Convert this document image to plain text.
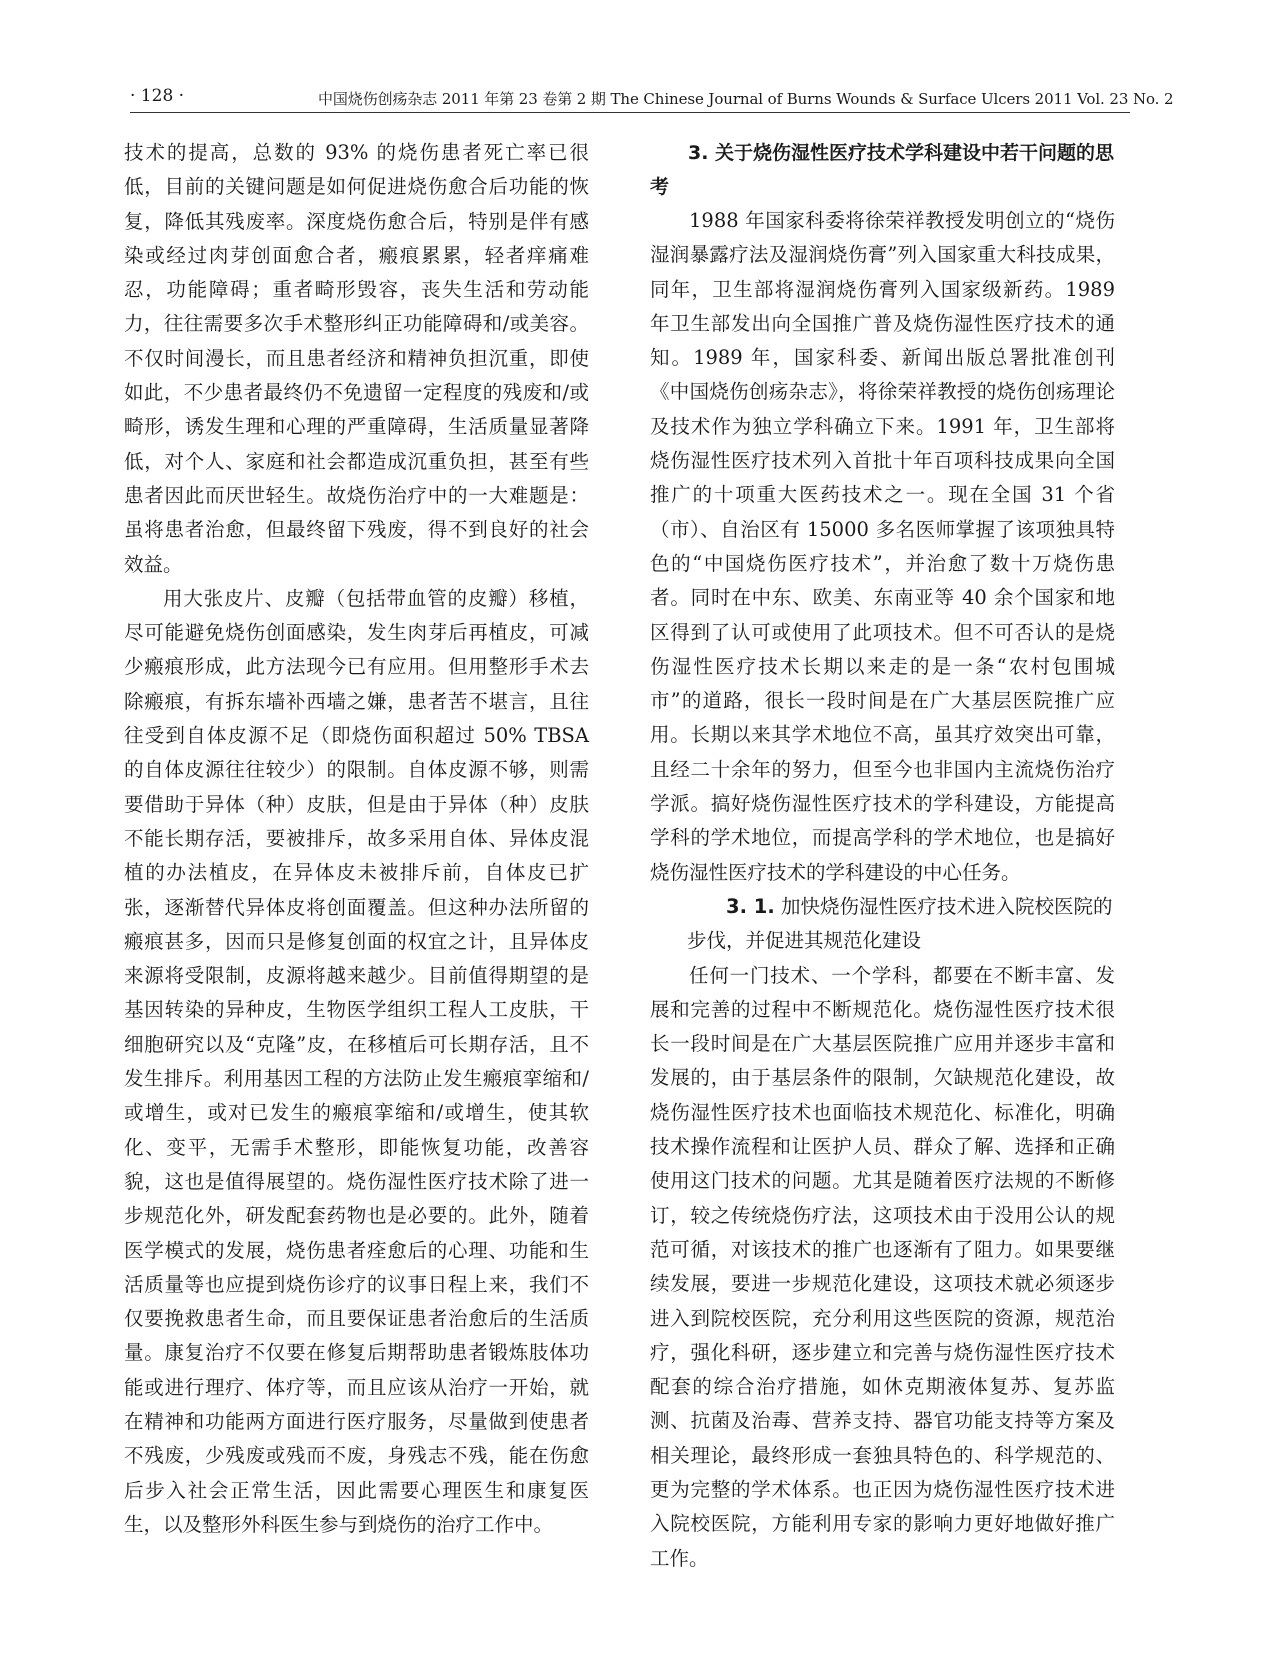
· 128 ·	中国烧伤创疡杂志 2011 年第 23 卷第 2 期 The Chinese Journal of Burns Wounds & Surface Ulcers 2011 Vol. 23 No. 2

技术的提高，总数的 93% 的烧伤患者死亡率已很低，目前的关键问题是如何促进烧伤愈合后功能的恢复，降低其残废率。深度烧伤愈合后，特别是伴有感染或经过肉芽创面愈合者，瘢痕累累，轻者痒痛难忍，功能障碍；重者畸形毁容，丧失生活和劳动能力，往往需要多次手术整形纠正功能障碍和/或美容。不仅时间漫长，而且患者经济和精神负担沉重，即使如此，不少患者最终仍不免遗留一定程度的残废和/或畸形，诱发生理和心理的严重障碍，生活质量显著降低，对个人、家庭和社会都造成沉重负担，甚至有些患者因此而厌世轻生。故烧伤治疗中的一大难题是：虽将患者治愈，但最终留下残废，得不到良好的社会效益。

用大张皮片、皮瓣（包括带血管的皮瓣）移植，尽可能避免烧伤创面感染，发生肉芽后再植皮，可减少瘢痕形成，此方法现今已有应用。但用整形手术去除瘢痕，有拆东墙补西墙之嫌，患者苦不堪言，且往往受到自体皮源不足（即烧伤面积超过 50% TBSA 的自体皮源往往较少）的限制。自体皮源不够，则需要借助于异体（种）皮肤，但是由于异体（种）皮肤不能长期存活，要被排斥，故多采用自体、异体皮混植的办法植皮，在异体皮未被排斥前，自体皮已扩张，逐渐替代异体皮将创面覆盖。但这种办法所留的瘢痕甚多，因而只是修复创面的权宜之计，且异体皮来源将受限制，皮源将越来越少。目前值得期望的是基因转染的异种皮，生物医学组织工程人工皮肤，干细胞研究以及“克隆”皮，在移植后可长期存活，且不发生排斥。利用基因工程的方法防止发生瘢痕挛缩和/或增生，或对已发生的瘢痕挛缩和/或增生，使其软化、变平，无需手术整形，即能恢复功能，改善容貌，这也是值得展望的。烧伤湿性医疗技术除了进一步规范化外，研发配套药物也是必要的。此外，随着医学模式的发展，烧伤患者痊愈后的心理、功能和生活质量等也应提到烧伤诊疗的议事日程上来，我们不仅要挽救患者生命，而且要保证患者治愈后的生活质量。康复治疗不仅要在修复后期帮助患者锻炼肢体功能或进行理疗、体疗等，而且应该从治疗一开始，就在精神和功能两方面进行医疗服务，尽量做到使患者不残废，少残废或残而不废，身残志不残，能在伤愈后步入社会正常生活，因此需要心理医生和康复医生，以及整形外科医生参与到烧伤的治疗工作中。

3. 关于烧伤湿性医疗技术学科建设中若干问题的思考

1988 年国家科委将徐荣祥教授发明创立的“烧伤湿润暴露疗法及湿润烧伤膏”列入国家重大科技成果，同年，卫生部将湿润烧伤膏列入国家级新药。1989 年卫生部发出向全国推广普及烧伤湿性医疗技术的通知。1989 年，国家科委、新闻出版总署批准创刊《中国烧伤创疡杂志》，将徐荣祥教授的烧伤创疡理论及技术作为独立学科确立下来。1991 年，卫生部将烧伤湿性医疗技术列入首批十年百项科技成果向全国推广的十项重大医药技术之一。现在全国 31 个省（市）、自治区有 15000 多名医师掌握了该项独具特色的“中国烧伤医疗技术”，并治愈了数十万烧伤患者。同时在中东、欧美、东南亚等 40 余个国家和地区得到了认可或使用了此项技术。但不可否认的是烧伤湿性医疗技术长期以来走的是一条“农村包围城市”的道路，很长一段时间是在广大基层医院推广应用。长期以来其学术地位不高，虽其疗效突出可靠，且经二十余年的努力，但至今也非国内主流烧伤治疗学派。搞好烧伤湿性医疗技术的学科建设，方能提高学科的学术地位，而提高学科的学术地位，也是搞好烧伤湿性医疗技术的学科建设的中心任务。

3. 1. 加快烧伤湿性医疗技术进入院校医院的步伐，并促进其规范化建设

任何一门技术、一个学科，都要在不断丰富、发展和完善的过程中不断规范化。烧伤湿性医疗技术很长一段时间是在广大基层医院推广应用并逐步丰富和发展的，由于基层条件的限制，欠缺规范化建设，故烧伤湿性医疗技术也面临技术规范化、标准化，明确技术操作流程和让医护人员、群众了解、选择和正确使用这门技术的问题。尤其是随着医疗法规的不断修订，较之传统烧伤疗法，这项技术由于没用公认的规范可循，对该技术的推广也逐渐有了阻力。如果要继续发展，要进一步规范化建设，这项技术就必须逐步进入到院校医院，充分利用这些医院的资源，规范治疗，强化科研，逐步建立和完善与烧伤湿性医疗技术配套的综合治疗措施，如休克期液体复苏、复苏监测、抗菌及治毒、营养支持、器官功能支持等方案及相关理论，最终形成一套独具特色的、科学规范的、更为完整的学术体系。也正因为烧伤湿性医疗技术进入院校医院，方能利用专家的影响力更好地做好推广工作。
